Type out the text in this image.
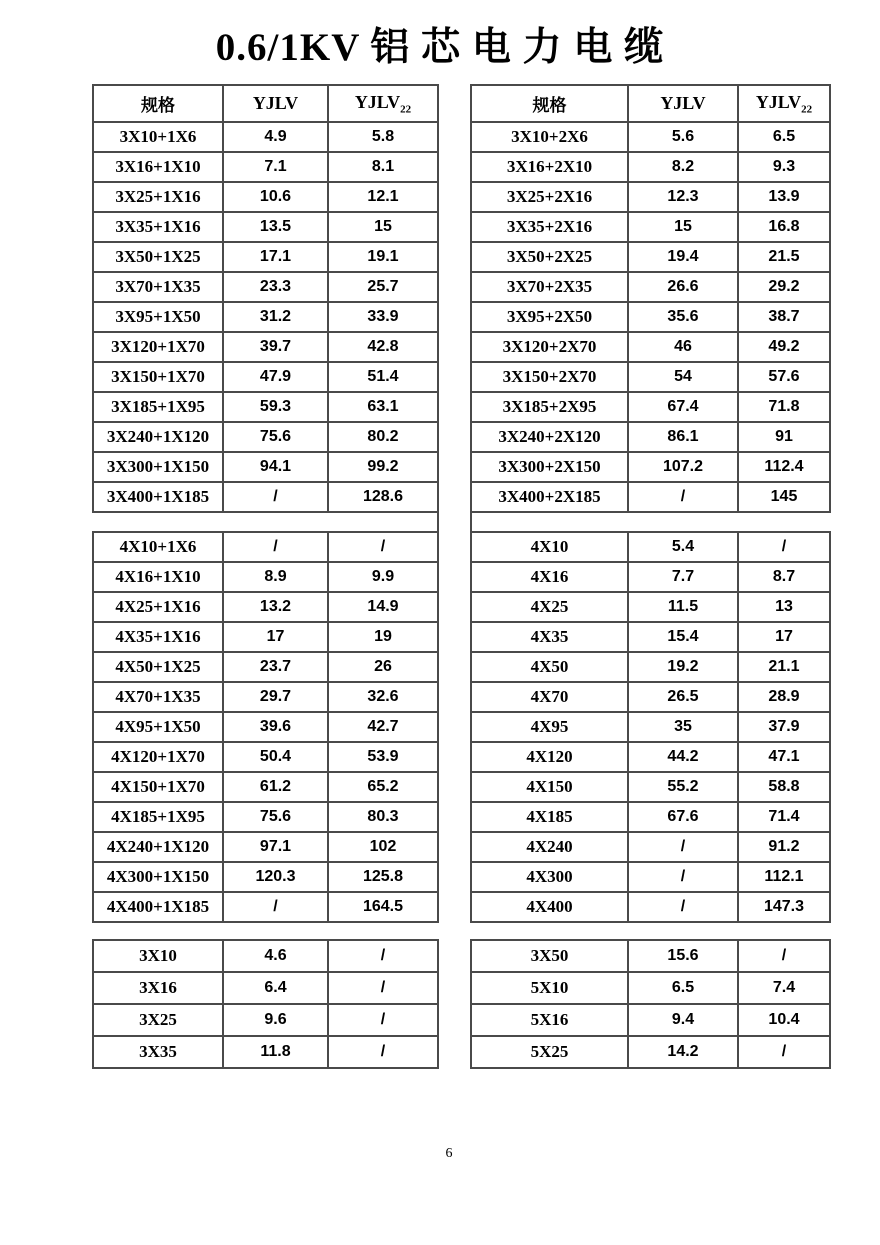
0.6/1KV 铝 芯 电 力 电 缆
规格	YJLV	$YJLV_{22}$
3X10+1X6	4.9	5.8
3X16+1X10	7.1	8.1
3X25+1X16	10.6	12.1
3X35+1X16	13.5	15
3X50+1X25	17.1	19.1
3X70+1X35	23.3	25.7
3X95+1X50	31.2	33.9
3X120+1X70	39.7	42.8
3X150+1X70	47.9	51.4
3X185+1X95	59.3	63.1
3X240+1X120	75.6	80.2
3X300+1X150	94.1	99.2
3X400+1X185	/	128.6
4X10+1X6	/	/
4X16+1X10	8.9	9.9
4X25+1X16	13.2	14.9
4X35+1X16	17	19
4X50+1X25	23.7	26
4X70+1X35	29.7	32.6
4X95+1X50	39.6	42.7
4X120+1X70	50.4	53.9
4X150+1X70	61.2	65.2
4X185+1X95	75.6	80.3
4X240+1X120	97.1	102
4X300+1X150	120.3	125.8
4X400+1X185	/	164.5
3X10	4.6	/
3X16	6.4	/
3X25	9.6	/
3X35	11.8	/
规格	YJLV	$YJLV_{22}$
3X10+2X6	5.6	6.5
3X16+2X10	8.2	9.3
3X25+2X16	12.3	13.9
3X35+2X16	15	16.8
3X50+2X25	19.4	21.5
3X70+2X35	26.6	29.2
3X95+2X50	35.6	38.7
3X120+2X70	46	49.2
3X150+2X70	54	57.6
3X185+2X95	67.4	71.8
3X240+2X120	86.1	91
3X300+2X150	107.2	112.4
3X400+2X185	/	145
4X10	5.4	/
4X16	7.7	8.7
4X25	11.5	13
4X35	15.4	17
4X50	19.2	21.1
4X70	26.5	28.9
4X95	35	37.9
4X120	44.2	47.1
4X150	55.2	58.8
4X185	67.6	71.4
4X240	/	91.2
4X300	/	112.1
4X400	/	147.3
3X50	15.6	/
5X10	6.5	7.4
5X16	9.4	10.4
5X25	14.2	/
6
